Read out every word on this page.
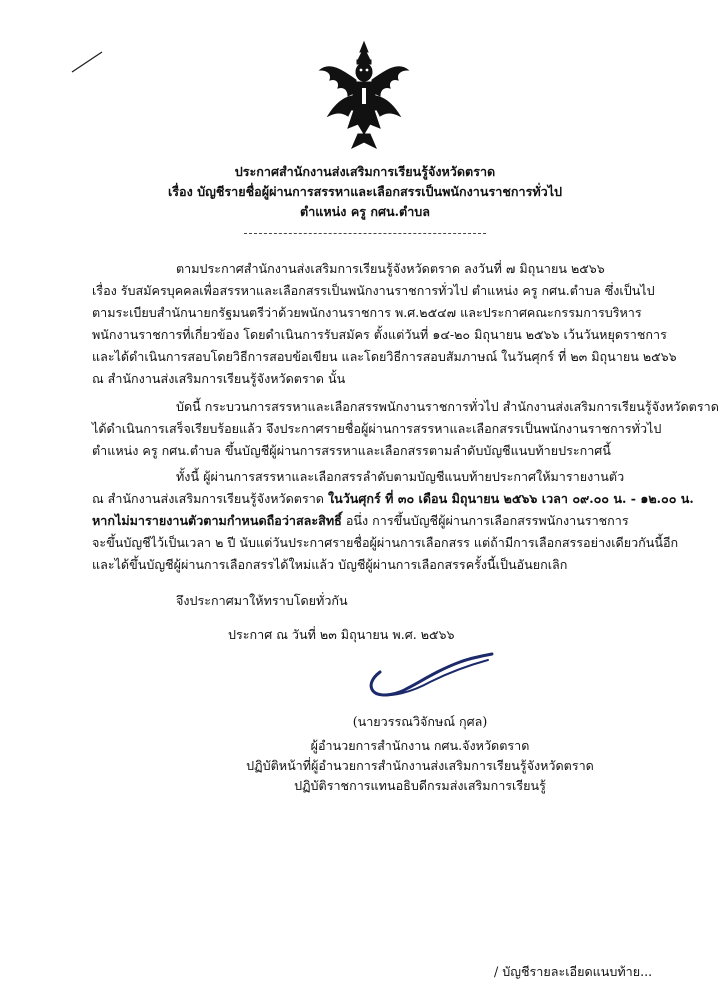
ประกาศสำนักงานส่งเสริมการเรียนรู้จังหวัดตราด
เรื่อง บัญชีรายชื่อผู้ผ่านการสรรหาและเลือกสรรเป็นพนักงานราชการทั่วไป
ตำแหน่ง ครู กศน.ตำบล
ตามประกาศสำนักงานส่งเสริมการเรียนรู้จังหวัดตราด ลงวันที่ ๗ มิถุนายน ๒๕๖๖
เรื่อง รับสมัครบุคคลเพื่อสรรหาและเลือกสรรเป็นพนักงานราชการทั่วไป ตำแหน่ง ครู กศน.ตำบล ซึ่งเป็นไป
ตามระเบียบสำนักนายกรัฐมนตรีว่าด้วยพนักงานราชการ พ.ศ.๒๕๔๗ และประกาศคณะกรรมการบริหาร
พนักงานราชการที่เกี่ยวข้อง โดยดำเนินการรับสมัคร ตั้งแต่วันที่ ๑๔-๒๐ มิถุนายน ๒๕๖๖ เว้นวันหยุดราชการ
และได้ดำเนินการสอบโดยวิธีการสอบข้อเขียน และโดยวิธีการสอบสัมภาษณ์ ในวันศุกร์ ที่ ๒๓ มิถุนายน ๒๕๖๖
ณ สำนักงานส่งเสริมการเรียนรู้จังหวัดตราด นั้น
บัดนี้ กระบวนการสรรหาและเลือกสรรพนักงานราชการทั่วไป สำนักงานส่งเสริมการเรียนรู้จังหวัดตราด
ได้ดำเนินการเสร็จเรียบร้อยแล้ว จึงประกาศรายชื่อผู้ผ่านการสรรหาและเลือกสรรเป็นพนักงานราชการทั่วไป
ตำแหน่ง ครู กศน.ตำบล ขึ้นบัญชีผู้ผ่านการสรรหาและเลือกสรรตามลำดับบัญชีแนบท้ายประกาศนี้
ทั้งนี้ ผู้ผ่านการสรรหาและเลือกสรรลำดับตามบัญชีแนบท้ายประกาศให้มารายงานตัว
ณ สำนักงานส่งเสริมการเรียนรู้จังหวัดตราด ในวันศุกร์ ที่ ๓๐ เดือน มิถุนายน ๒๕๖๖ เวลา ๐๙.๐๐ น. - ๑๒.๐๐ น.
หากไม่มารายงานตัวตามกำหนดถือว่าสละสิทธิ์ อนึ่ง การขึ้นบัญชีผู้ผ่านการเลือกสรรพนักงานราชการ
จะขึ้นบัญชีไว้เป็นเวลา ๒ ปี นับแต่วันประกาศรายชื่อผู้ผ่านการเลือกสรร แต่ถ้ามีการเลือกสรรอย่างเดียวกันนี้อีก
และได้ขึ้นบัญชีผู้ผ่านการเลือกสรรได้ใหม่แล้ว บัญชีผู้ผ่านการเลือกสรรครั้งนี้เป็นอันยกเลิก
จึงประกาศมาให้ทราบโดยทั่วกัน
ประกาศ ณ วันที่ ๒๓ มิถุนายน พ.ศ. ๒๕๖๖
(นายวรรณวิจักษณ์ กุศล)
ผู้อำนวยการสำนักงาน กศน.จังหวัดตราด
ปฏิบัติหน้าที่ผู้อำนวยการสำนักงานส่งเสริมการเรียนรู้จังหวัดตราด
ปฏิบัติราชการแทนอธิบดีกรมส่งเสริมการเรียนรู้
/ บัญชีรายละเอียดแนบท้าย...
